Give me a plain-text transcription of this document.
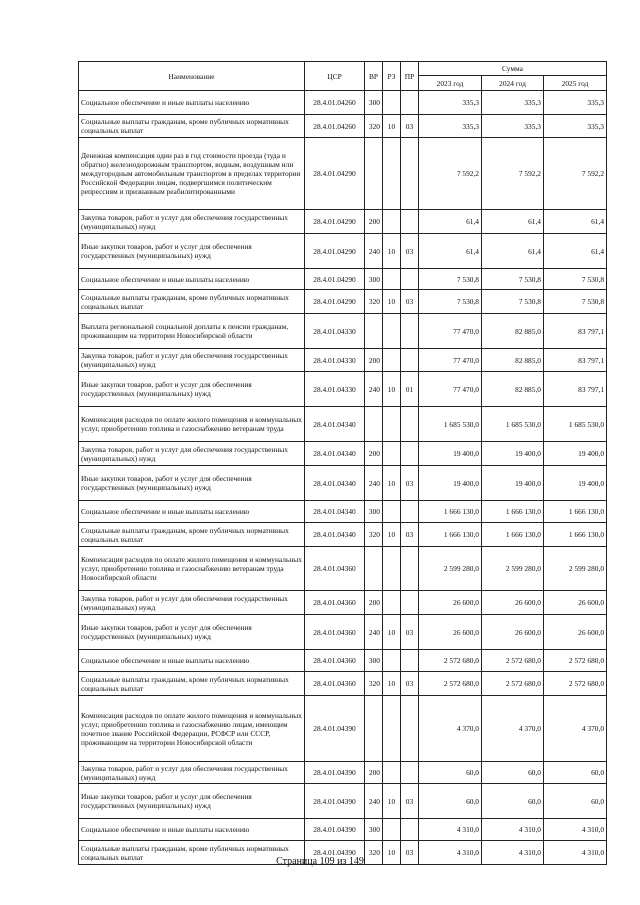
Наименование	ЦСР	ВР	РЗ	ПР	Сумма		
					2023 год	2024 год	2025 год
Социальное обеспечение и иные выплаты населению	28.4.01.04260	300			335,3	335,3	335,3
Социальные выплаты гражданам, кроме публичных нормативных социальных выплат	28.4.01.04260	320	10	03	335,3	335,3	335,3
Денежная компенсация один раз в год стоимости проезда (туда и обратно) железнодорожным транспортом, водным, воздушным или междугородным автомобильным транспортом в пределах территории Российской Федерации лицам, подвергшимся политическим репрессиям и признанным реабилитированными	28.4.01.04290				7 592,2	7 592,2	7 592,2
Закупка товаров, работ и услуг для обеспечения государственных (муниципальных) нужд	28.4.01.04290	200			61,4	61,4	61,4
Иные закупки товаров, работ и услуг для обеспечения государственных (муниципальных) нужд	28.4.01.04290	240	10	03	61,4	61,4	61,4
Социальное обеспечение и иные выплаты населению	28.4.01.04290	300			7 530,8	7 530,8	7 530,8
Социальные выплаты гражданам, кроме публичных нормативных социальных выплат	28.4.01.04290	320	10	03	7 530,8	7 530,8	7 530,8
Выплата региональной социальной доплаты к пенсии гражданам, проживающим на территории Новосибирской области	28.4.01.04330				77 470,0	82 885,0	83 797,1
Закупка товаров, работ и услуг для обеспечения государственных (муниципальных) нужд	28.4.01.04330	200			77 470,0	82 885,0	83 797,1
Иные закупки товаров, работ и услуг для обеспечения государственных (муниципальных) нужд	28.4.01.04330	240	10	01	77 470,0	82 885,0	83 797,1
Компенсация расходов по оплате жилого помещения и коммунальных услуг, приобретению топлива и газоснабжению ветеранам труда	28.4.01.04340				1 685 530,0	1 685 530,0	1 685 530,0
Закупка товаров, работ и услуг для обеспечения государственных (муниципальных) нужд	28.4.01.04340	200			19 400,0	19 400,0	19 400,0
Иные закупки товаров, работ и услуг для обеспечения государственных (муниципальных) нужд	28.4.01.04340	240	10	03	19 400,0	19 400,0	19 400,0
Социальное обеспечение и иные выплаты населению	28.4.01.04340	300			1 666 130,0	1 666 130,0	1 666 130,0
Социальные выплаты гражданам, кроме публичных нормативных социальных выплат	28.4.01.04340	320	10	03	1 666 130,0	1 666 130,0	1 666 130,0
Компенсация расходов по оплате жилого помещения и коммунальных услуг, приобретению топлива и газоснабжению ветеранам труда Новосибирской области	28.4.01.04360				2 599 280,0	2 599 280,0	2 599 280,0
Закупка товаров, работ и услуг для обеспечения государственных (муниципальных) нужд	28.4.01.04360	200			26 600,0	26 600,0	26 600,0
Иные закупки товаров, работ и услуг для обеспечения государственных (муниципальных) нужд	28.4.01.04360	240	10	03	26 600,0	26 600,0	26 600,0
Социальное обеспечение и иные выплаты населению	28.4.01.04360	300			2 572 680,0	2 572 680,0	2 572 680,0
Социальные выплаты гражданам, кроме публичных нормативных социальных выплат	28.4.01.04360	320	10	03	2 572 680,0	2 572 680,0	2 572 680,0
Компенсация расходов по оплате жилого помещения и коммунальных услуг, приобретению топлива и газоснабжению лицам, имеющим почетное звание Российской Федерации, РСФСР или СССР, проживающим на территории Новосибирской области	28.4.01.04390				4 370,0	4 370,0	4 370,0
Закупка товаров, работ и услуг для обеспечения государственных (муниципальных) нужд	28.4.01.04390	200			60,0	60,0	60,0
Иные закупки товаров, работ и услуг для обеспечения государственных (муниципальных) нужд	28.4.01.04390	240	10	03	60,0	60,0	60,0
Социальное обеспечение и иные выплаты населению	28.4.01.04390	300			4 310,0	4 310,0	4 310,0
Социальные выплаты гражданам, кроме публичных нормативных социальных выплат	28.4.01.04390	320	10	03	4 310,0	4 310,0	4 310,0
Страница 109 из 149
